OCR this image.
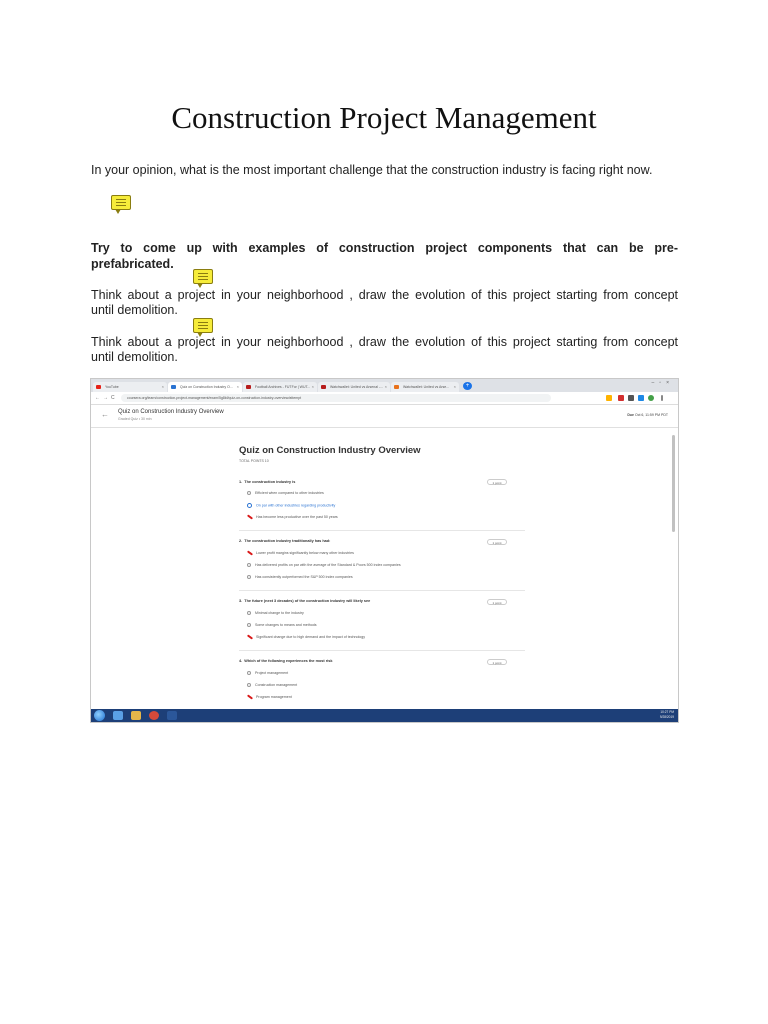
Construction Project Management
In your opinion, what is the most important challenge that the construction industry is facing right now.
Try to come up with examples of construction project components that can be pre-
prefabricated.
Think about a project in your neighborhood , draw the evolution of this project starting from concept
until demolition.
Think about a project in your neighborhood , draw the evolution of this project starting from concept
until demolition.
YouTube	×	Quiz on Construction Industry O... ×	Football Archives - FUTFor | WUT... ×	Watchwallet: United vs Arsenal -... ×	Watchwallet: United vs Arse... ×	+	–▫×
←→C	coursera.org/learn/construction-project-management/exam/5g8kf/quiz-on-construction-industry-overview/attempt
← Quiz on Construction Industry Overview
Graded Quiz • 30 min
Due Oct 6, 11:59 PM PDT
Quiz on Construction Industry Overview
TOTAL POINTS 10
1. The construction industry is	1 point
Efficient when compared to other industries
On par with other industries regarding productivity
Has become less productive over the past 50 years
2. The construction industry traditionally has had:	1 point
Lower profit margins significantly below many other industries
Has delivered profits on par with the average of the Standard & Poors 500 index companies
Has consistently outperformed the S&P 500 index companies
3. The future (next 3 decades) of the construction industry will likely see	1 point
Minimal change to the industry
Some changes to means and methods
Significant change due to high demand and the impact of technology
4. Which of the following experiences the most risk	1 point
Project management
Construction management
Program management
10:27 PM
9/28/2019
